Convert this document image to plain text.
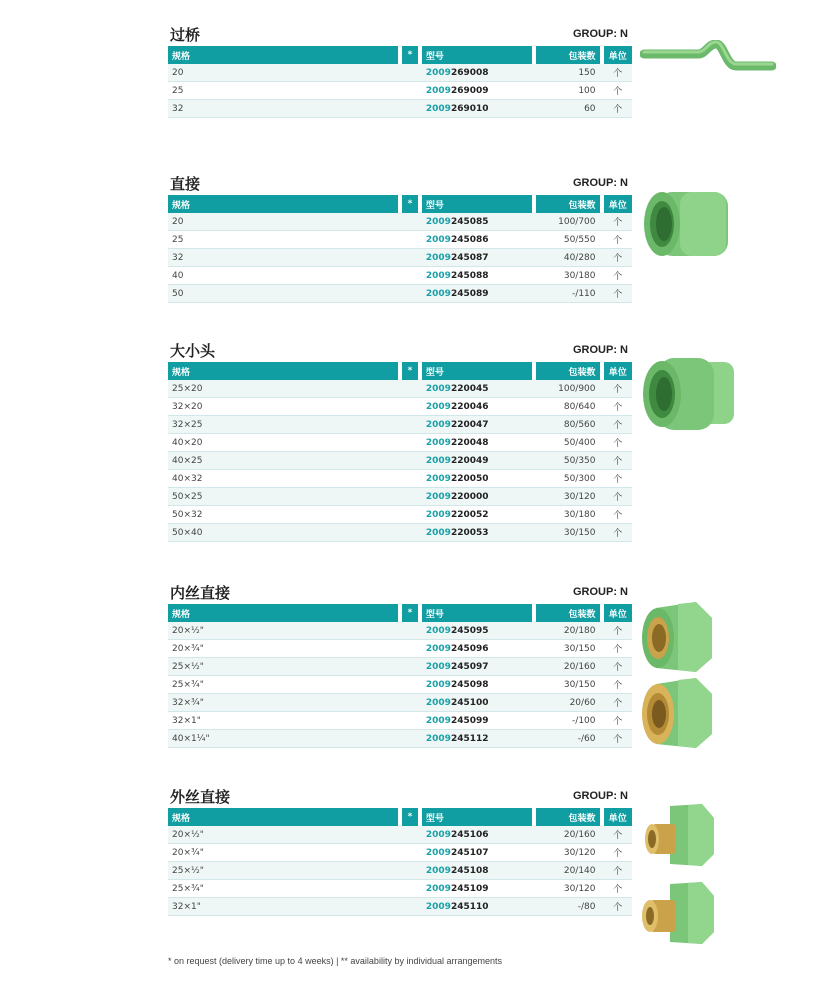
过桥	GROUP: N
规格	*	型号	包装数	单位
20		2009269008	150	个
25		2009269009	100	个
32		2009269010	60	个
直接	GROUP: N
规格	*	型号	包装数	单位
20		2009245085	100/700	个
25		2009245086	50/550	个
32		2009245087	40/280	个
40		2009245088	30/180	个
50		2009245089	-/110	个
大小头	GROUP: N
规格	*	型号	包装数	单位
25×20		2009220045	100/900	个
32×20		2009220046	80/640	个
32×25		2009220047	80/560	个
40×20		2009220048	50/400	个
40×25		2009220049	50/350	个
40×32		2009220050	50/300	个
50×25		2009220000	30/120	个
50×32		2009220052	30/180	个
50×40		2009220053	30/150	个
内丝直接	GROUP: N
规格	*	型号	包装数	单位
20×½"		2009245095	20/180	个
20×¾"		2009245096	30/150	个
25×½"		2009245097	20/160	个
25×¾"		2009245098	30/150	个
32×¾"		2009245100	20/60	个
32×1"		2009245099	-/100	个
40×1¼"		2009245112	-/60	个
外丝直接	GROUP: N
规格	*	型号	包装数	单位
20×½"		2009245106	20/160	个
20×¾"		2009245107	30/120	个
25×½"		2009245108	20/140	个
25×¾"		2009245109	30/120	个
32×1"		2009245110	-/80	个
* on request (delivery time up to 4 weeks) | ** availability by individual arrangements
